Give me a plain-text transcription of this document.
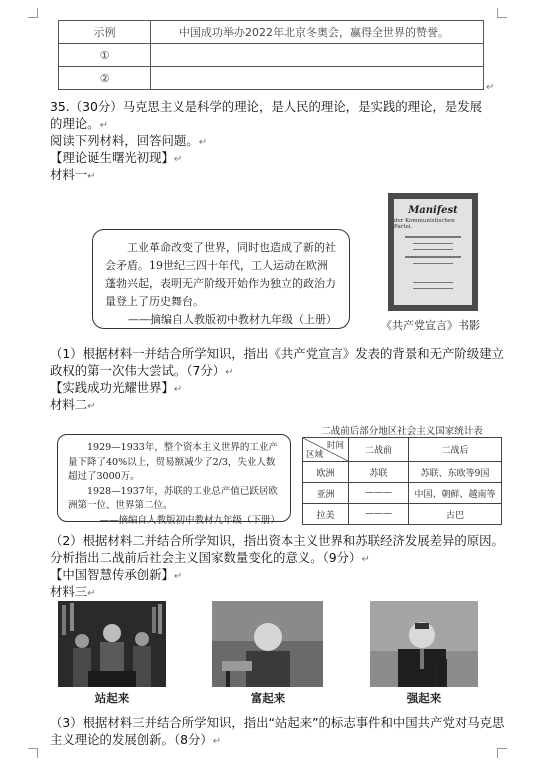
示例	中国成功举办2022年北京冬奥会，赢得全世界的赞誉。
①	
②	
↵
35.（30分）马克思主义是科学的理论，是人民的理论，是实践的理论，是发展
的理论。↵
阅读下列材料，回答问题。↵
【理论诞生曙光初现】↵
材料一↵
工业革命改变了世界，同时也造成了新的社会矛盾。19世纪三四十年代，工人运动在欧洲蓬勃兴起，表明无产阶级开始作为独立的政治力量登上了历史舞台。
——摘编自人教版初中教材九年级（上册）
Manifest
der Kommunistischen Partei.
《共产党宣言》书影
（1）根据材料一并结合所学知识，指出《共产党宣言》发表的背景和无产阶级建立政权的第一次伟大尝试。（7分）↵
【实践成功光耀世界】↵
材料二↵
1929—1933年，整个资本主义世界的工业产量下降了40%以上，贸易额减少了2/3，失业人数超过了3000万。
1928—1937年，苏联的工业总产值已跃居欧洲第一位、世界第二位。
——摘编自人教版初中教材九年级（下册）
二战前后部分地区社会主义国家统计表
时间
区域	二战前	二战后
欧洲	苏联	苏联、东欧等9国
亚洲	———	中国、朝鲜、越南等
拉美	———	古巴
（2）根据材料二并结合所学知识，指出资本主义世界和苏联经济发展差异的原因。分析指出二战前后社会主义国家数量变化的意义。（9分）↵
【中国智慧传承创新】↵
材料三↵
站起来	富起来	强起来
（3）根据材料三并结合所学知识，指出“站起来”的标志事件和中国共产党对马克思主义理论的发展创新。（8分）↵
